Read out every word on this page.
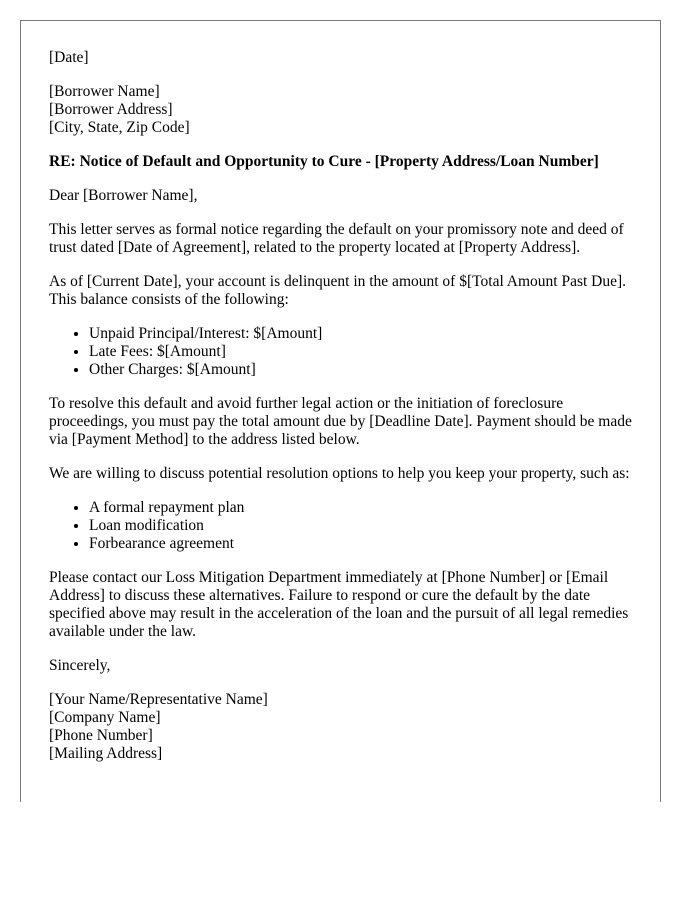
[Date]

[Borrower Name]
[Borrower Address]
[City, State, Zip Code]

RE: Notice of Default and Opportunity to Cure - [Property Address/Loan Number]

Dear [Borrower Name],

This letter serves as formal notice regarding the default on your promissory note and deed of trust dated [Date of Agreement], related to the property located at [Property Address].

As of [Current Date], your account is delinquent in the amount of $[Total Amount Past Due]. This balance consists of the following:

• Unpaid Principal/Interest: $[Amount]
• Late Fees: $[Amount]
• Other Charges: $[Amount]

To resolve this default and avoid further legal action or the initiation of foreclosure proceedings, you must pay the total amount due by [Deadline Date]. Payment should be made via [Payment Method] to the address listed below.

We are willing to discuss potential resolution options to help you keep your property, such as:

• A formal repayment plan
• Loan modification
• Forbearance agreement

Please contact our Loss Mitigation Department immediately at [Phone Number] or [Email Address] to discuss these alternatives. Failure to respond or cure the default by the date specified above may result in the acceleration of the loan and the pursuit of all legal remedies available under the law.

Sincerely,

[Your Name/Representative Name]
[Company Name]
[Phone Number]
[Mailing Address]
